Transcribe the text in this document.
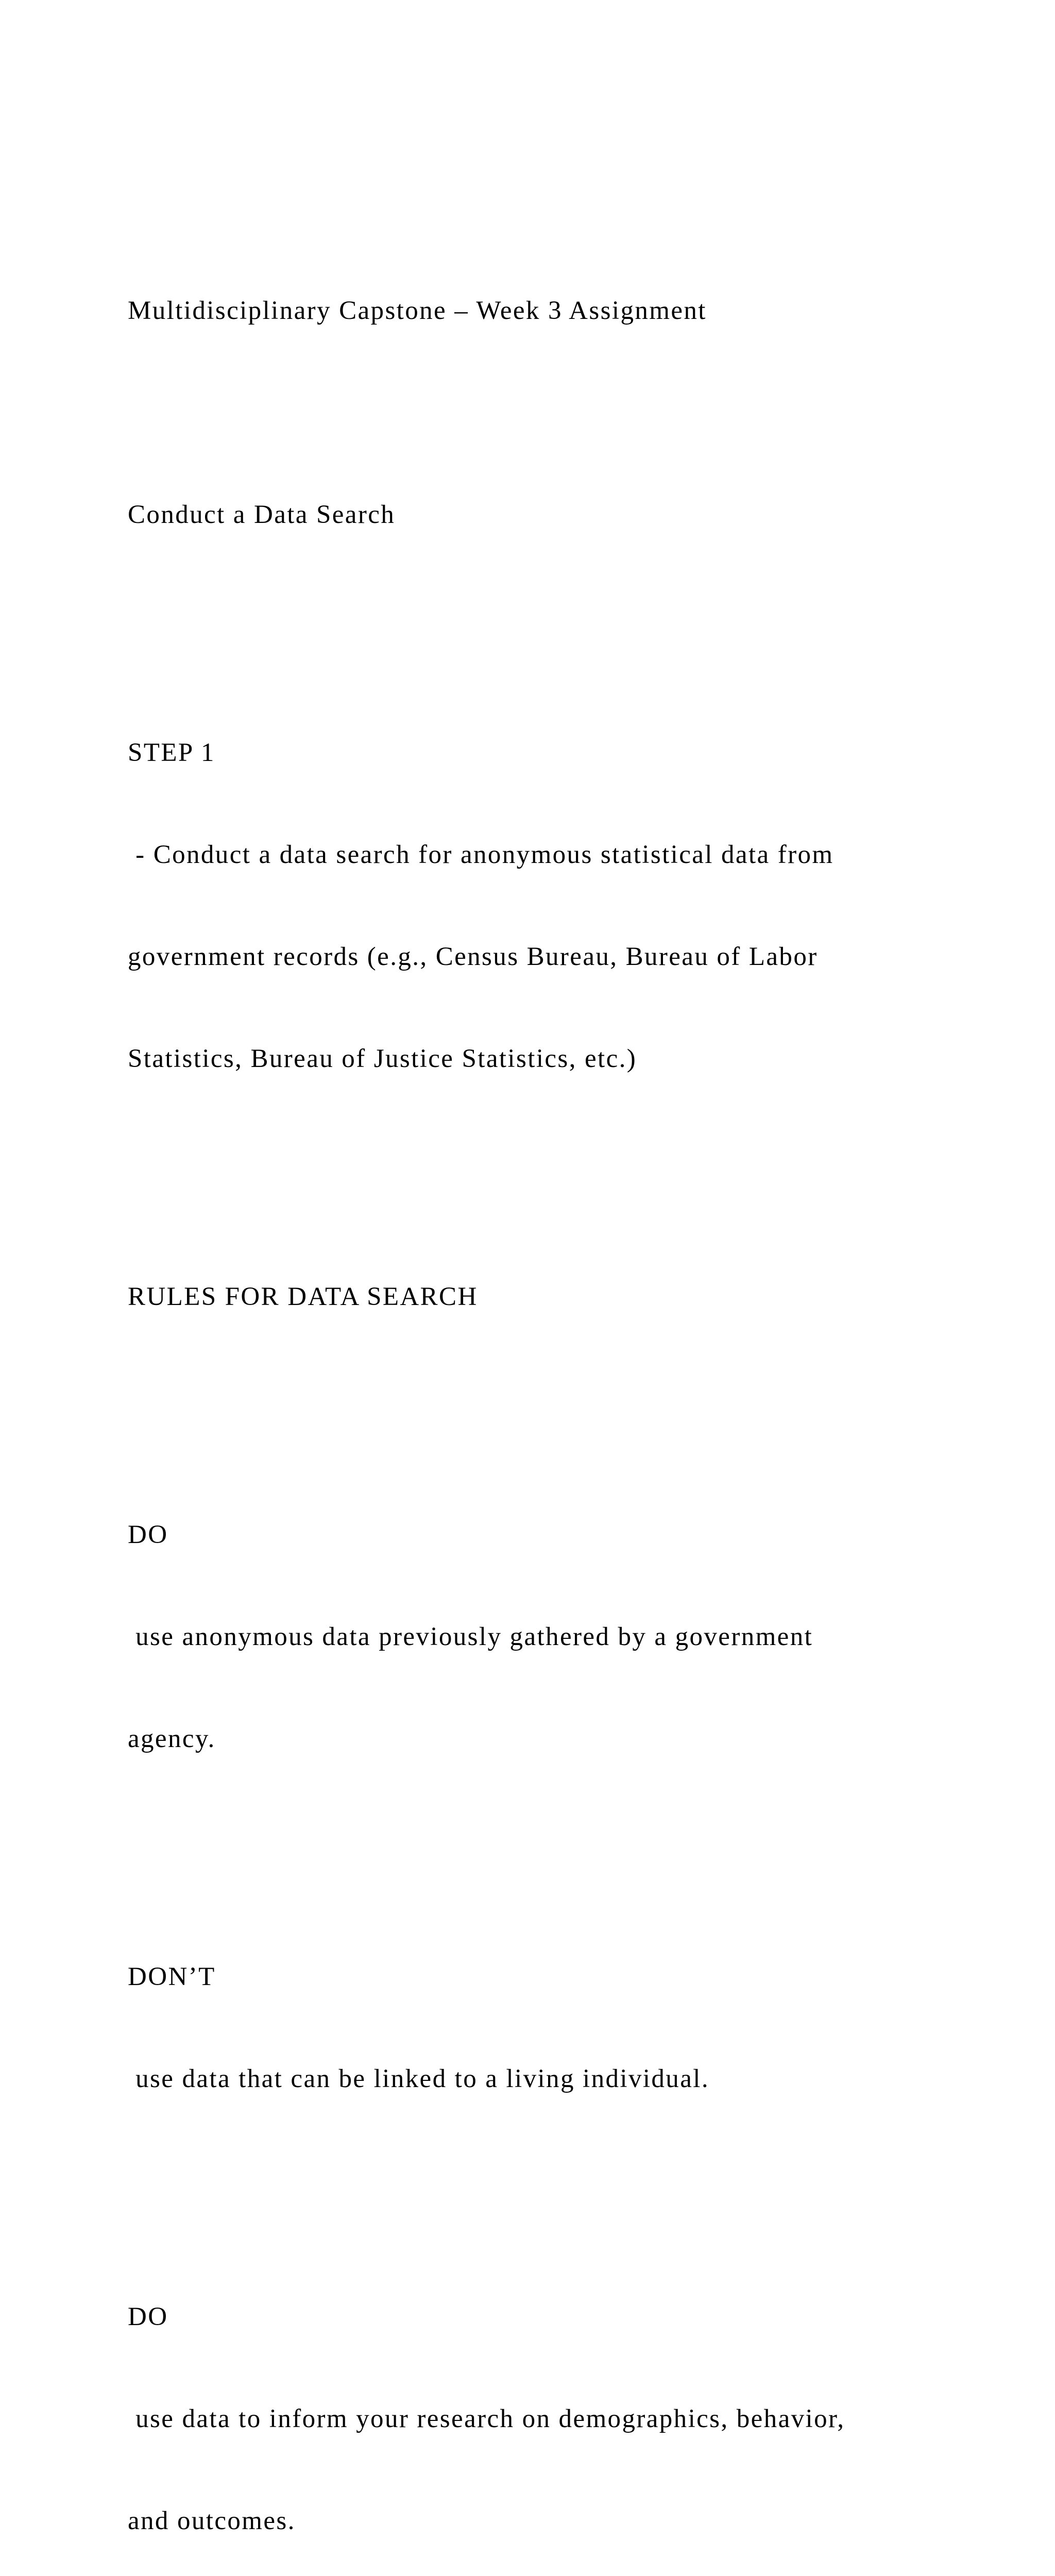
Multidisciplinary Capstone – Week 3 Assignment

Conduct a Data Search

STEP 1

- Conduct a data search for anonymous statistical data from

government records (e.g., Census Bureau, Bureau of Labor

Statistics, Bureau of Justice Statistics, etc.)

RULES FOR DATA SEARCH

DO

use anonymous data previously gathered by a government

agency.

DON’T

use data that can be linked to a living individual.

DO

use data to inform your research on demographics, behavior,

and outcomes.
